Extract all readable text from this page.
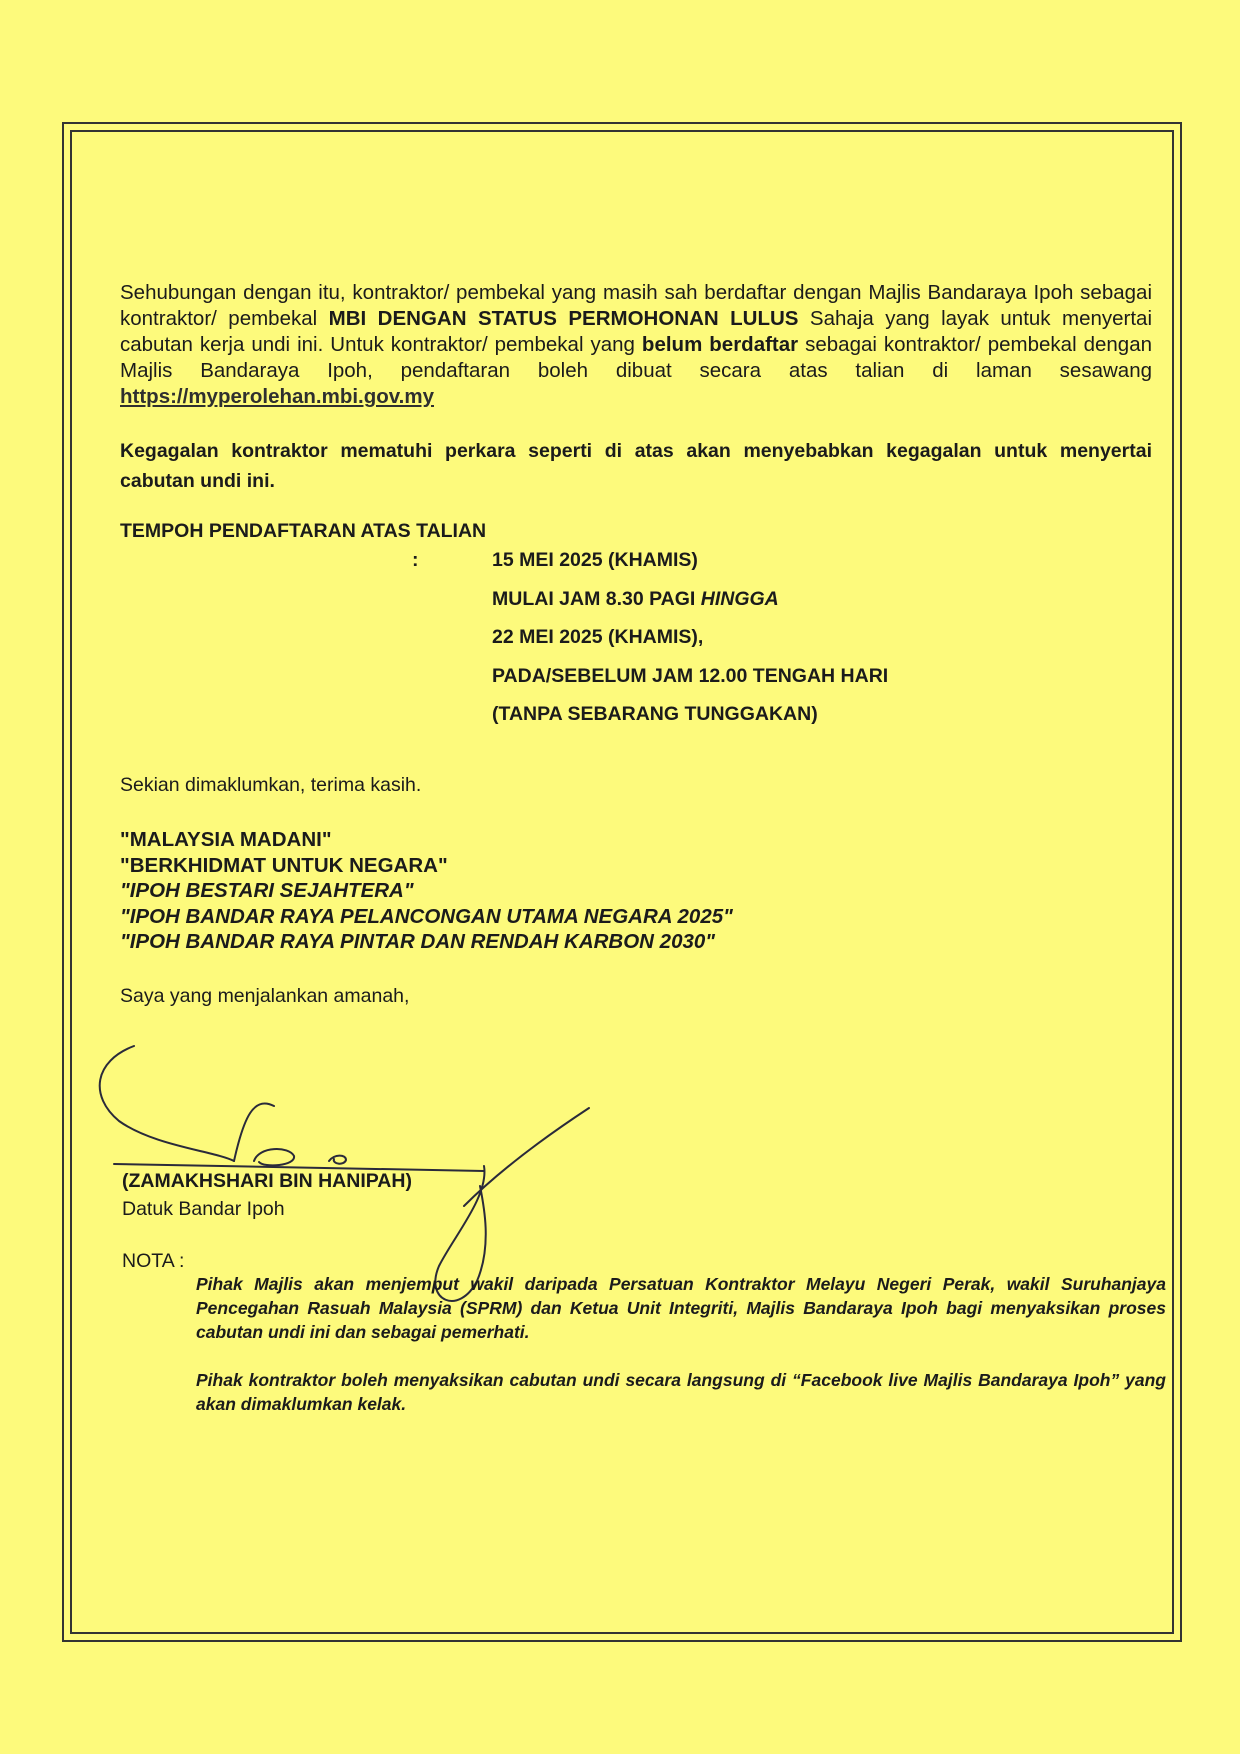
Sehubungan dengan itu, kontraktor/ pembekal yang masih sah berdaftar dengan Majlis Bandaraya Ipoh sebagai kontraktor/ pembekal MBI DENGAN STATUS PERMOHONAN LULUS Sahaja yang layak untuk menyertai cabutan kerja undi ini. Untuk kontraktor/ pembekal yang belum berdaftar sebagai kontraktor/ pembekal dengan Majlis Bandaraya Ipoh, pendaftaran boleh dibuat secara atas talian di laman sesawang https://myperolehan.mbi.gov.my

Kegagalan kontraktor mematuhi perkara seperti di atas akan menyebabkan kegagalan untuk menyertai cabutan undi ini.

TEMPOH PENDAFTARAN ATAS TALIAN

:	15 MEI 2025 (KHAMIS)
MULAI JAM 8.30 PAGI HINGGA
22 MEI 2025 (KHAMIS),
PADA/SEBELUM JAM 12.00 TENGAH HARI
(TANPA SEBARANG TUNGGAKAN)

Sekian dimaklumkan, terima kasih.

"MALAYSIA MADANI"
"BERKHIDMAT UNTUK NEGARA"
"IPOH BESTARI SEJAHTERA"
"IPOH BANDAR RAYA PELANCONGAN UTAMA NEGARA 2025"
"IPOH BANDAR RAYA PINTAR DAN RENDAH KARBON 2030"

Saya yang menjalankan amanah,

(ZAMAKHSHARI BIN HANIPAH)
Datuk Bandar Ipoh
NOTA :

Pihak Majlis akan menjemput wakil daripada Persatuan Kontraktor Melayu Negeri Perak, wakil Suruhanjaya Pencegahan Rasuah Malaysia (SPRM) dan Ketua Unit Integriti, Majlis Bandaraya Ipoh bagi menyaksikan proses cabutan undi ini dan sebagai pemerhati.

Pihak kontraktor boleh menyaksikan cabutan undi secara langsung di “Facebook live Majlis Bandaraya Ipoh” yang akan dimaklumkan kelak.
